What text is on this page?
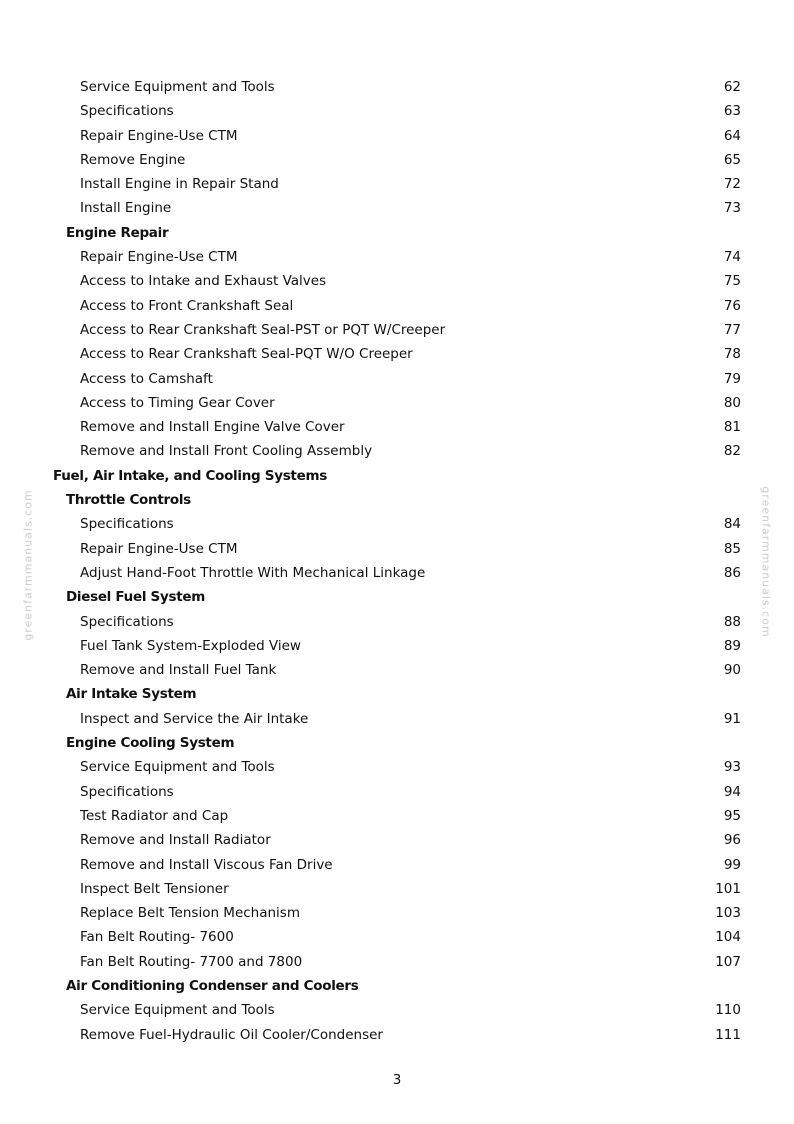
greenfarmmanuals.com	greenfarmmanuals.com
Service Equipment and Tools	62
Specifications	63
Repair Engine-Use CTM	64
Remove Engine	65
Install Engine in Repair Stand	72
Install Engine	73
Engine Repair
Repair Engine-Use CTM	74
Access to Intake and Exhaust Valves	75
Access to Front Crankshaft Seal	76
Access to Rear Crankshaft Seal-PST or PQT W/Creeper	77
Access to Rear Crankshaft Seal-PQT W/O Creeper	78
Access to Camshaft	79
Access to Timing Gear Cover	80
Remove and Install Engine Valve Cover	81
Remove and Install Front Cooling Assembly	82
Fuel, Air Intake, and Cooling Systems
Throttle Controls
Specifications	84
Repair Engine-Use CTM	85
Adjust Hand-Foot Throttle With Mechanical Linkage	86
Diesel Fuel System
Specifications	88
Fuel Tank System-Exploded View	89
Remove and Install Fuel Tank	90
Air Intake System
Inspect and Service the Air Intake	91
Engine Cooling System
Service Equipment and Tools	93
Specifications	94
Test Radiator and Cap	95
Remove and Install Radiator	96
Remove and Install Viscous Fan Drive	99
Inspect Belt Tensioner	101
Replace Belt Tension Mechanism	103
Fan Belt Routing- 7600	104
Fan Belt Routing- 7700 and 7800	107
Air Conditioning Condenser and Coolers
Service Equipment and Tools	110
Remove Fuel-Hydraulic Oil Cooler/Condenser	111
3
